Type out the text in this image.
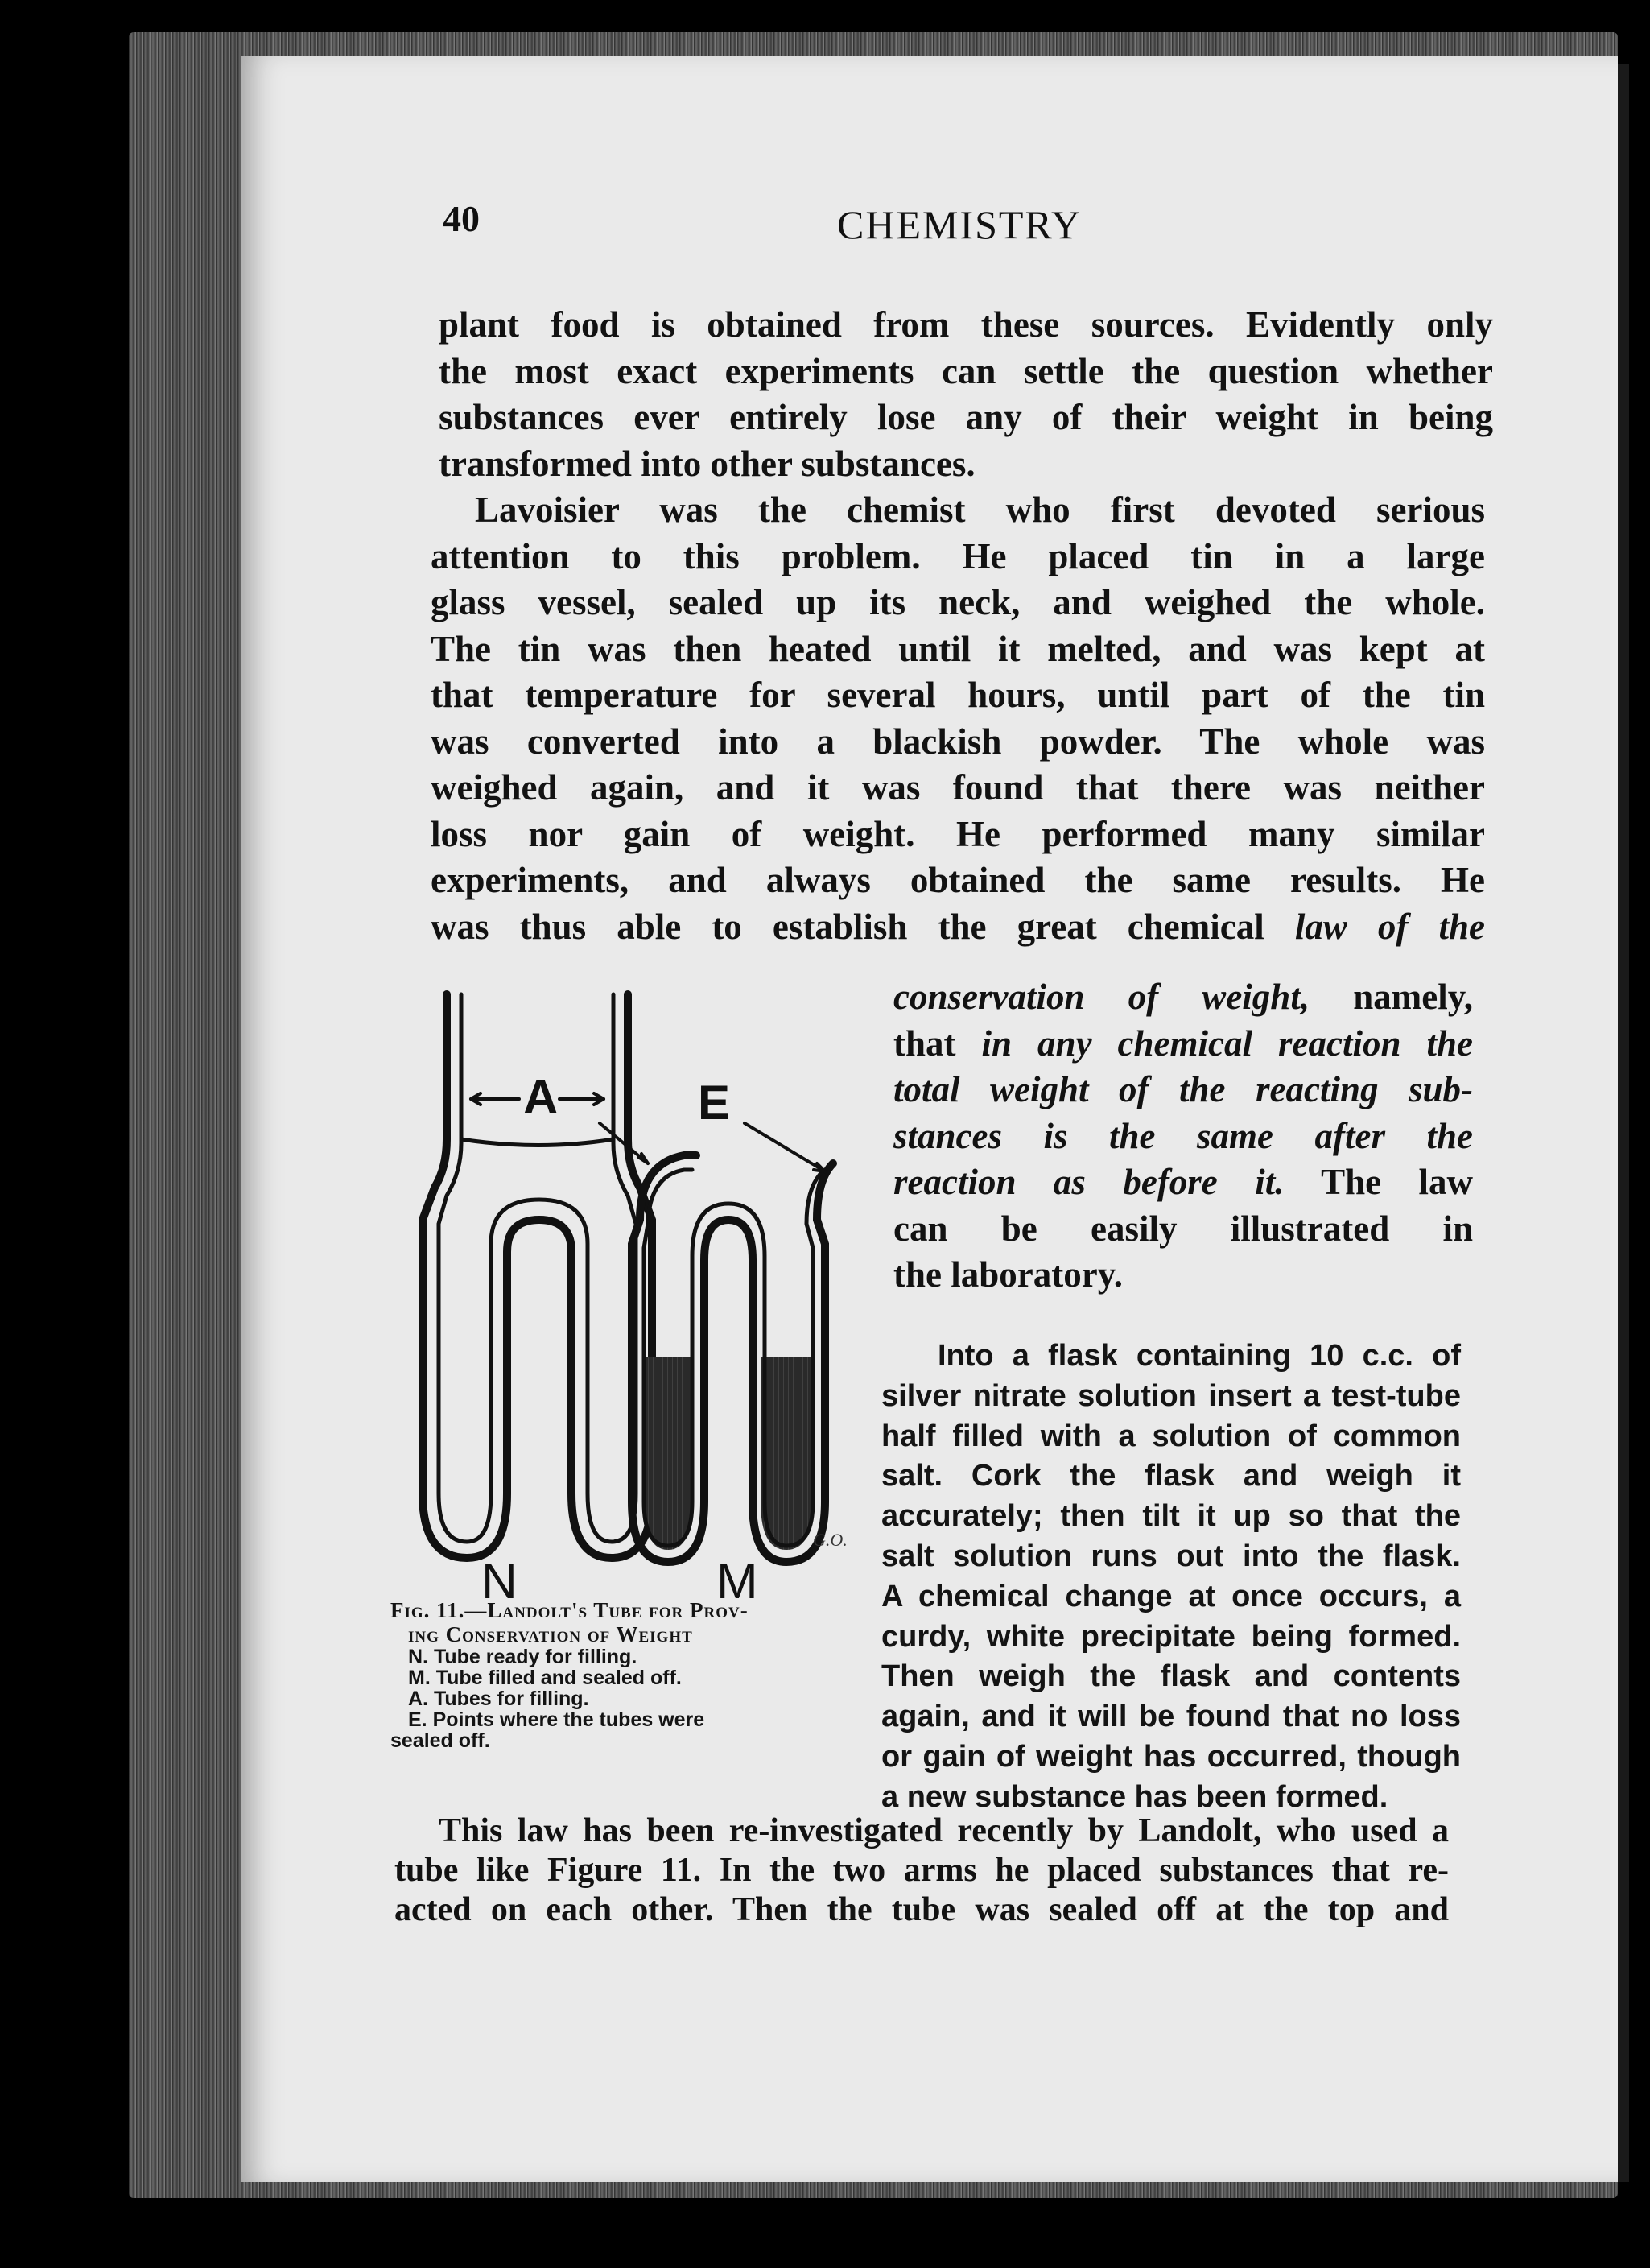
40	CHEMISTRY
plant food is obtained from these sources. Evidently only
the most exact experiments can settle the question whether
substances ever entirely lose any of their weight in being
transformed into other substances.
Lavoisier was the chemist who first devoted serious
attention to this problem. He placed tin in a large
glass vessel, sealed up its neck, and weighed the whole.
The tin was then heated until it melted, and was kept at
that temperature for several hours, until part of the tin
was converted into a blackish powder. The whole was
weighed again, and it was found that there was neither
loss nor gain of weight. He performed many similar
experiments, and always obtained the same results. He
was thus able to establish the great chemical law of the
conservation of weight, namely,
that in any chemical reaction the
total weight of the reacting sub-
stances is the same after the
reaction as before it. The law
can be easily illustrated in
the laboratory.
Into a flask containing 10 c.c. of
silver nitrate solution insert a test-tube
half filled with a solution of common
salt. Cork the flask and weigh it
accurately; then tilt it up so that the
salt solution runs out into the flask.
A chemical change at once occurs, a
curdy, white precipitate being formed.
Then weigh the flask and contents
again, and it will be found that no loss
or gain of weight has occurred, though
a new substance has been formed.
This law has been re-investigated recently by Landolt, who used a
tube like Figure 11. In the two arms he placed substances that re-
acted on each other. Then the tube was sealed off at the top and
A	E
N	M
G.O.
Fig. 11.—Landolt's Tube for Prov-
ing Conservation of Weight
N. Tube ready for filling.
M. Tube filled and sealed off.
A. Tubes for filling.
E. Points where the tubes were
sealed off.
